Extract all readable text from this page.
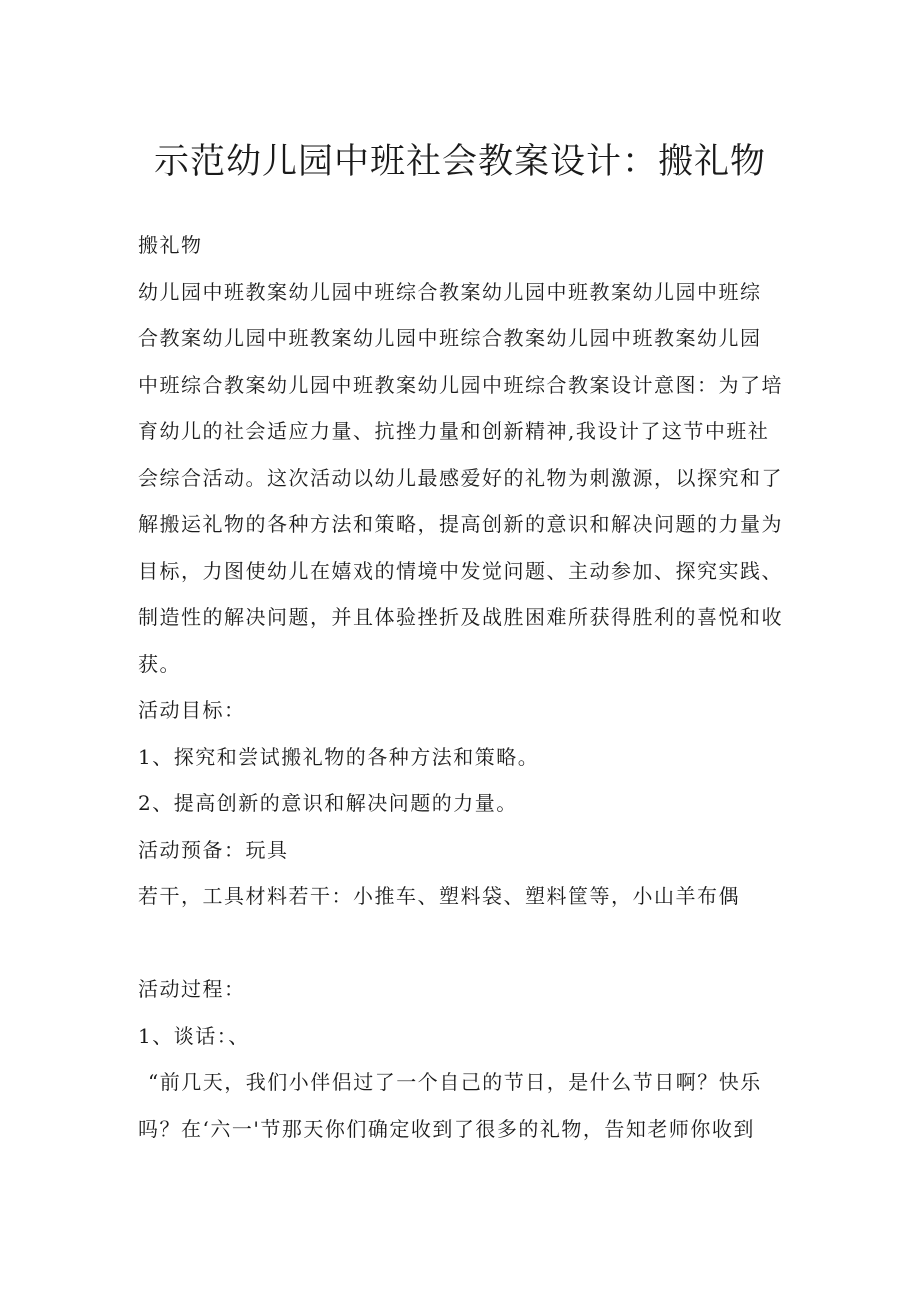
示范幼儿园中班社会教案设计：搬礼物
搬礼物
幼儿园中班教案幼儿园中班综合教案幼儿园中班教案幼儿园中班综
合教案幼儿园中班教案幼儿园中班综合教案幼儿园中班教案幼儿园
中班综合教案幼儿园中班教案幼儿园中班综合教案设计意图：为了培
育幼儿的社会适应力量、抗挫力量和创新精神,我设计了这节中班社
会综合活动。这次活动以幼儿最感爱好的礼物为刺激源，以探究和了
解搬运礼物的各种方法和策略，提高创新的意识和解决问题的力量为
目标，力图使幼儿在嬉戏的情境中发觉问题、主动参加、探究实践、
制造性的解决问题，并且体验挫折及战胜困难所获得胜利的喜悦和收
获。
活动目标：
1、探究和尝试搬礼物的各种方法和策略。
2、提高创新的意识和解决问题的力量。
活动预备：玩具
若干，工具材料若干：小推车、塑料袋、塑料筐等，小山羊布偶
活动过程：
1、谈话：、
“前几天，我们小伴侣过了一个自己的节日，是什么节日啊？快乐
吗？在‘六一'节那天你们确定收到了很多的礼物，告知老师你收到
